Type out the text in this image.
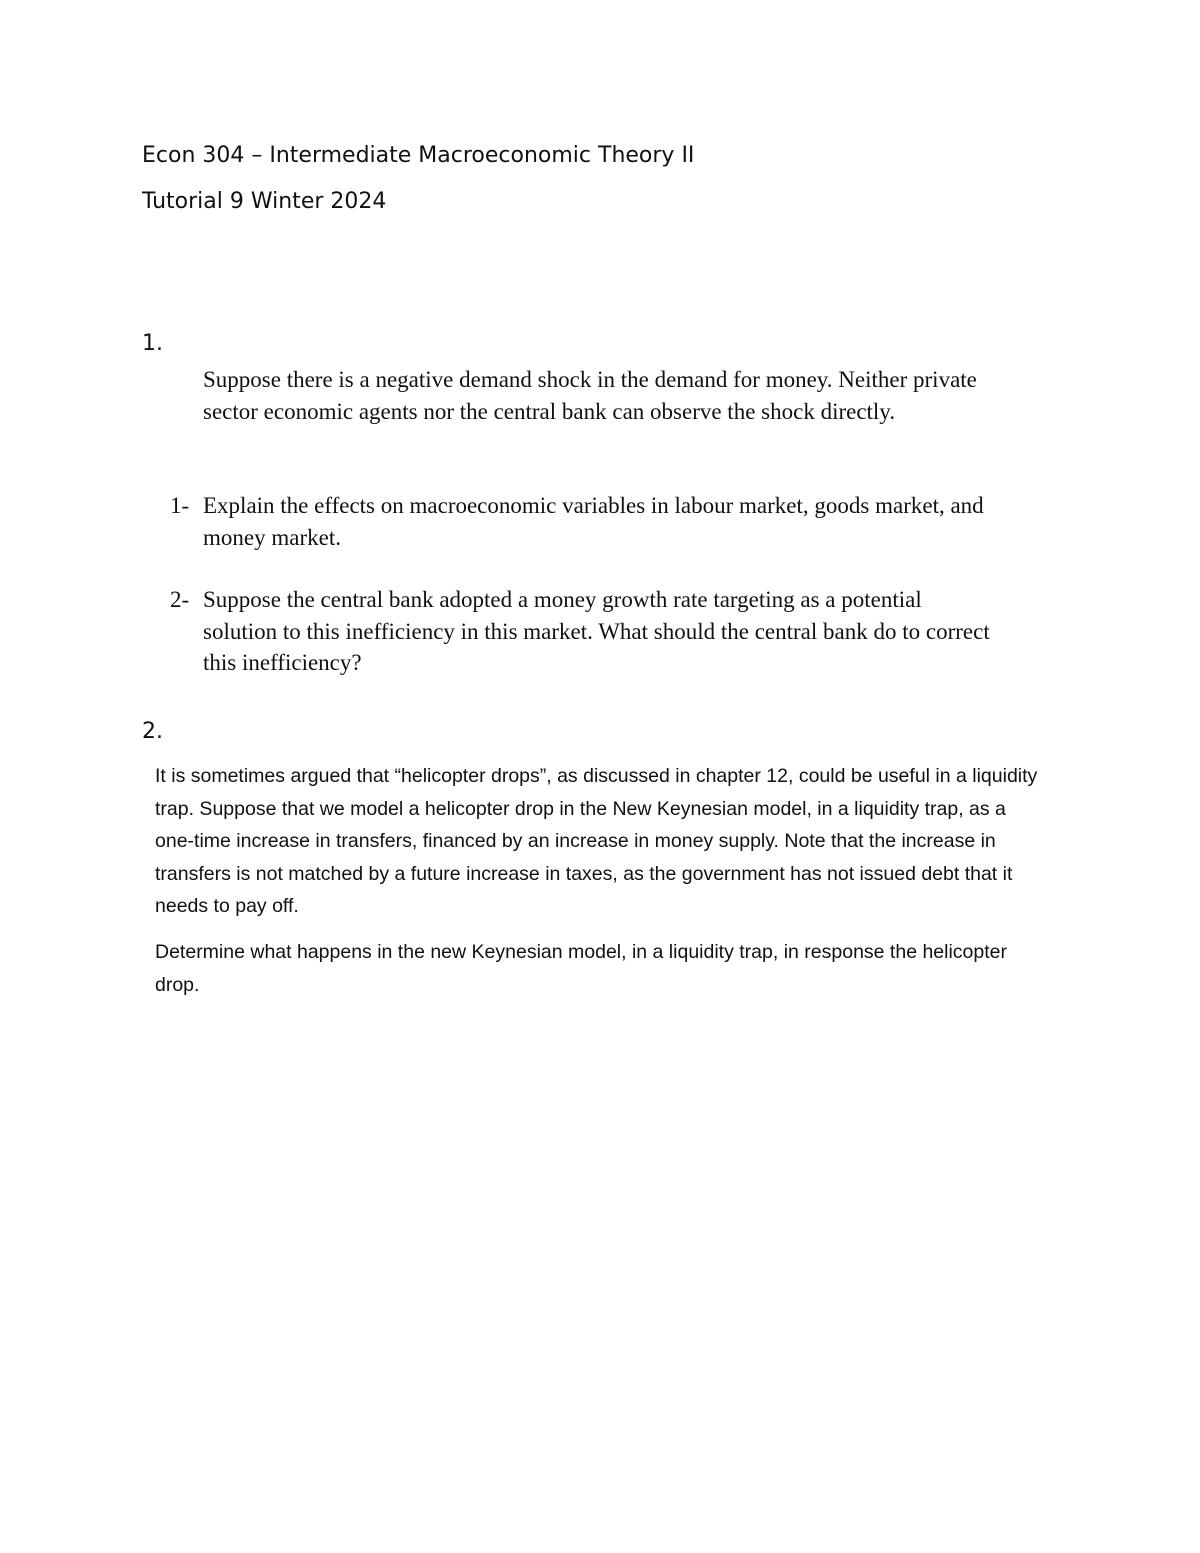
Econ 304 – Intermediate Macroeconomic Theory II
Tutorial 9 Winter 2024
1.

Suppose there is a negative demand shock in the demand for money. Neither private sector economic agents nor the central bank can observe the shock directly.

1- Explain the effects on macroeconomic variables in labour market, goods market, and money market.
2- Suppose the central bank adopted a money growth rate targeting as a potential solution to this inefficiency in this market. What should the central bank do to correct this inefficiency?
2.

It is sometimes argued that “helicopter drops”, as discussed in chapter 12, could be useful in a liquidity trap. Suppose that we model a helicopter drop in the New Keynesian model, in a liquidity trap, as a one-time increase in transfers, financed by an increase in money supply. Note that the increase in transfers is not matched by a future increase in taxes, as the government has not issued debt that it needs to pay off.

Determine what happens in the new Keynesian model, in a liquidity trap, in response the helicopter drop.
